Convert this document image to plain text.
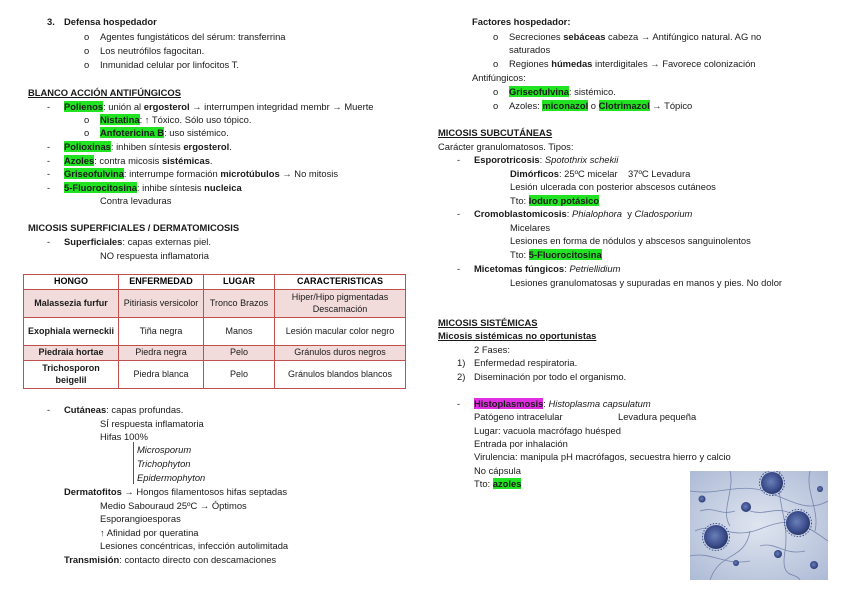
3. Defensa hospedador
o Agentes fungistáticos del sérum: transferrina
o Los neutrófilos fagocitan.
o Inmunidad celular por linfocitos T.
BLANCO ACCIÓN ANTIFÚNGICOS
- Polienos: unión al ergosterol → interrumpen integridad membr → Muerte
o Nistatina: ↑ Tóxico. Sólo uso tópico.
o Anfotericina B: uso sistémico.
- Polioxinas: inhiben síntesis ergosterol.
- Azoles: contra micosis sistémicas.
- Griseofulvina: interrumpe formación microtúbulos → No mitosis
- 5-Fluorocitosina: inhibe síntesis nucleica
Contra levaduras
MICOSIS SUPERFICIALES / DERMATOMICOSIS
- Superficiales: capas externas piel.
NO respuesta inflamatoria
HONGO	ENFERMEDAD	LUGAR	CARACTERISTICAS
Malassezia furfur	Pitiriasis versicolor	Tronco Brazos	Hiper/Hipo pigmentadas Descamación
Exophiala werneckii	Tiña negra	Manos	Lesión macular color negro
Piedraia hortae	Piedra negra	Pelo	Gránulos duros negros
Trichosporon beigelil	Piedra blanca	Pelo	Gránulos blandos blancos
- Cutáneas: capas profundas.
SÍ respuesta inflamatoria
Hifas 100%
Microsporum
Trichophyton
Epidermophyton
Dermatofitos → Hongos filamentosos hifas septadas
Medio Sabouraud 25ºC → Óptimos
Esporangioesporas
↑ Afinidad por queratina
Lesiones concéntricas, infección autolimitada
Transmisión: contacto directo con descamaciones
Factores hospedador:
o Secreciones sebáceas cabeza → Antifúngico natural. AG no
saturados
o Regiones húmedas interdigitales → Favorece colonización
Antifúngicos:
o Griseofulvina: sistémico.
o Azoles: miconazol o Clotrimazol → Tópico
MICOSIS SUBCUTÁNEAS
Carácter granulomatosos. Tipos:
- Esporotricosis: Spotothrix schekii
Dimórficos: 25ºC micelar    37ºC Levadura
Lesión ulcerada con posterior abscesos cutáneos
Tto: Ioduro potásico
- Cromoblastomicosis: Phialophora  y Cladosporium
Micelares
Lesiones en forma de nódulos y abscesos sanguinolentos
Tto: 5-Fluorocitosina
- Micetomas fúngicos: Petriellidium
Lesiones granulomatosas y supuradas en manos y pies. No dolor
MICOSIS SISTÉMICAS
Micosis sistémicas no oportunistas
2 Fases:
1) Enfermedad respiratoria.
2) Diseminación por todo el organismo.
- Histoplasmosis: Histoplasma capsulatum
Patógeno intracelular	Levadura pequeña
Lugar: vacuola macrófago huésped
Entrada por inhalación
Virulencia: manipula pH macrófagos, secuestra hierro y calcio
No cápsula
Tto: azoles
